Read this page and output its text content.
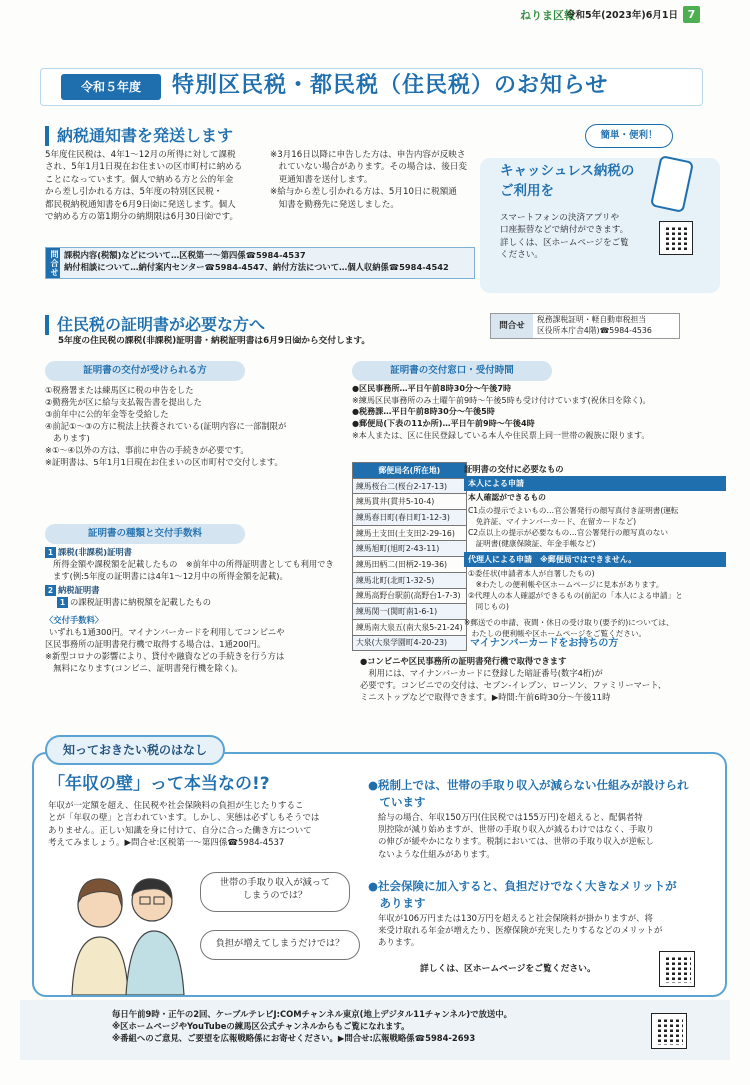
ねりま区報
令和5年(2023年)6月1日 7
令和５年度	特別区民税・都民税（住民税）のお知らせ
納税通知書を発送します
5年度住民税は、4年1～12月の所得に対して課税
され、5年1月1日現在お住まいの区市町村に納める
ことになっています。個人で納める方と公的年金
から差し引かれる方は、5年度の特別区民税・
都民税納税通知書を6月9日㈮に発送します。個人
で納める方の第1期分の納期限は6月30日㈮です。
※3月16日以降に申告した方は、申告内容が反映さ
　れていない場合があります。その場合は、後日変
　更通知書を送付します。
※給与から差し引かれる方は、5月10日に税額通
　知書を勤務先に発送しました。
問合せ 課税内容(税額)などについて…区税第一～第四係☎5984-4537
納付相談について…納付案内センター☎5984-4547、納付方法について…個人収納係☎5984-4542
簡単・便利！
キャッシュレス納税の
ご利用を
スマートフォンの決済アプリや
口座振替などで納付ができます。
詳しくは、区ホームページをご覧
ください。
住民税の証明書が必要な方へ	問合せ
税務課税証明・軽自動車税担当
区役所本庁舎4階)☎5984-4536
5年度の住民税の課税(非課税)証明書・納税証明書は6月9日㈮から交付します。
証明書の交付が受けられる方
①税務署または練馬区に税の申告をした
②勤務先が区に給与支払報告書を提出した
③前年中に公的年金等を受給した
④前記①～③の方に税法上扶養されている(証明内容に一部制限が
　あります)
※①～④以外の方は、事前に申告の手続きが必要です。
※証明書は、5年1月1日現在お住まいの区市町村で交付します。
証明書の種類と交付手数料
1 課税(非課税)証明書
所得金額や課税額を記載したもの　※前年中の所得証明書としても利用できます(例:5年度の証明書には4年1～12月中の所得金額を記載)。
2 納税証明書
1 の課税証明書に納税額を記載したもの
〈交付手数料〉
いずれも1通300円。マイナンバーカードを利用してコンビニや
区民事務所の証明書発行機で取得する場合は、1通200円。
※新型コロナの影響により、貸付や融資などの手続きを行う方は
　無料になります(コンビニ、証明書発行機を除く)。
証明書の交付窓口・受付時間
●区民事務所…平日午前8時30分～午後7時
※練馬区民事務所のみ土曜午前9時～午後5時も受け付けています(祝休日を除く)。
●税務課…平日午前8時30分～午後5時
●郵便局(下表の11か所)…平日午前9時～午後4時
※本人または、区に住民登録している本人や住民票上同一世帯の親族に限ります。
郵便局名(所在地)
練馬桜台二(桜台2-17-13)
練馬貫井(貫井5-10-4)
練馬春日町(春日町1-12-3)
練馬土支田(土支田2-29-16)
練馬旭町(旭町2-43-11)
練馬田柄二(田柄2-19-36)
練馬北町(北町1-32-5)
練馬高野台駅前(高野台1-7-3)
練馬関一(関町南1-6-1)
練馬南大泉五(南大泉5-21-24)
大泉(大泉学園町4-20-23)
証明書の交付に必要なもの
本人による申請
本人確認ができるもの
C1点の提示でよいもの…官公署発行の顔写真付き証明書(運転
　免許証、マイナンバーカード、在留カードなど)
C2点以上の提示が必要なもの…官公署発行の顔写真のない
　証明書(健康保険証、年金手帳など)
代理人による申請　※郵便局ではできません。
①委任状(申請者本人が自署したもの)
　※わたしの便利帳や区ホームページに見本があります。
②代理人の本人確認ができるもの(前記の「本人による申請」と
　同じもの)
※郵送での申請、夜間・休日の受け取り(要予約)については、
　わたしの便利帳や区ホームページをご覧ください。
マイナンバーカードをお持ちの方
●コンビニや区民事務所の証明書発行機で取得できます
　利用には、マイナンバーカードに登録した暗証番号(数字4桁)が
必要です。コンビニでの交付は、セブン-イレブン、ローソン、ファミリーマート、
ミニストップなどで取得できます。▶時間:午前6時30分～午後11時
知っておきたい税のはなし
「年収の壁」って本当なの!?
年収が一定額を超え、住民税や社会保険料の負担が生じたりするこ
とが「年収の壁」と言われています。しかし、実態は必ずしもそうでは
ありません。正しい知識を身に付けて、自分に合った働き方について
考えてみましょう。▶問合せ:区税第一～第四係☎5984-4537
世帯の手取り収入が減って
しまうのでは？
負担が増えてしまうだけでは？
●税制上では、世帯の手取り収入が減らない仕組みが設けられ
　ています
給与の場合、年収150万円(住民税では155万円)を超えると、配偶者特
別控除が減り始めますが、世帯の手取り収入が減るわけではなく、手取り
の伸びが緩やかになります。税制においては、世帯の手取り収入が逆転し
ないような仕組みがあります。
●社会保険に加入すると、負担だけでなく大きなメリットが
　あります
年収が106万円または130万円を超えると社会保険料が掛かりますが、将
来受け取れる年金が増えたり、医療保険が充実したりするなどのメリットが
あります。
詳しくは、区ホームページをご覧ください。
毎日午前9時・正午の2回、ケーブルテレビJ:COMチャンネル東京(地上デジタル11チャンネル)で放送中。
※区ホームページやYouTubeの練馬区公式チャンネルからもご覧になれます。
※番組へのご意見、ご要望を広報戦略係にお寄せください。▶問合せ:広報戦略係☎5984-2693
